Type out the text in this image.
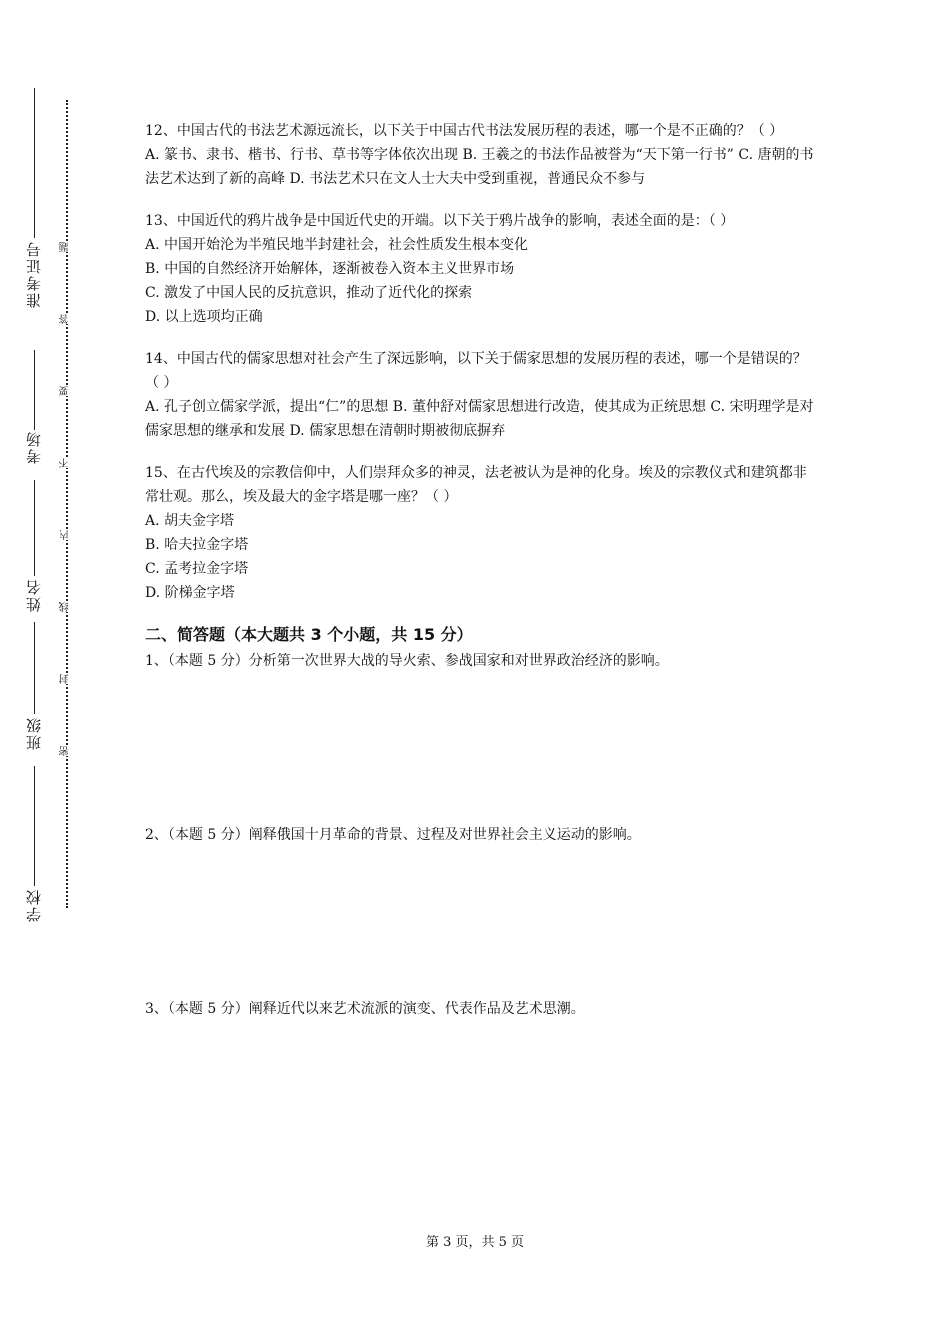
准考证号
考场
姓名
班级
学校
题
答
要
不
内
线
封
密

12、中国古代的书法艺术源远流长，以下关于中国古代书法发展历程的表述，哪一个是不正确的？（ ）

A. 篆书、隶书、楷书、行书、草书等字体依次出现 B. 王羲之的书法作品被誉为“天下第一行书” C. 唐朝的书法艺术达到了新的高峰 D. 书法艺术只在文人士大夫中受到重视，普通民众不参与

13、中国近代的鸦片战争是中国近代史的开端。以下关于鸦片战争的影响，表述全面的是：（ ）

A. 中国开始沦为半殖民地半封建社会，社会性质发生根本变化

B. 中国的自然经济开始解体，逐渐被卷入资本主义世界市场

C. 激发了中国人民的反抗意识，推动了近代化的探索

D. 以上选项均正确

14、中国古代的儒家思想对社会产生了深远影响，以下关于儒家思想的发展历程的表述，哪一个是错误的？（ ）

A. 孔子创立儒家学派，提出“仁”的思想 B. 董仲舒对儒家思想进行改造，使其成为正统思想 C. 宋明理学是对儒家思想的继承和发展 D. 儒家思想在清朝时期被彻底摒弃

15、在古代埃及的宗教信仰中，人们崇拜众多的神灵，法老被认为是神的化身。埃及的宗教仪式和建筑都非常壮观。那么，埃及最大的金字塔是哪一座？（ ）

A. 胡夫金字塔

B. 哈夫拉金字塔

C. 孟考拉金字塔

D. 阶梯金字塔

二、简答题（本大题共 3 个小题，共 15 分）

1、（本题 5 分）分析第一次世界大战的导火索、参战国家和对世界政治经济的影响。

2、（本题 5 分）阐释俄国十月革命的背景、过程及对世界社会主义运动的影响。

3、（本题 5 分）阐释近代以来艺术流派的演变、代表作品及艺术思潮。

第 3 页，共 5 页
